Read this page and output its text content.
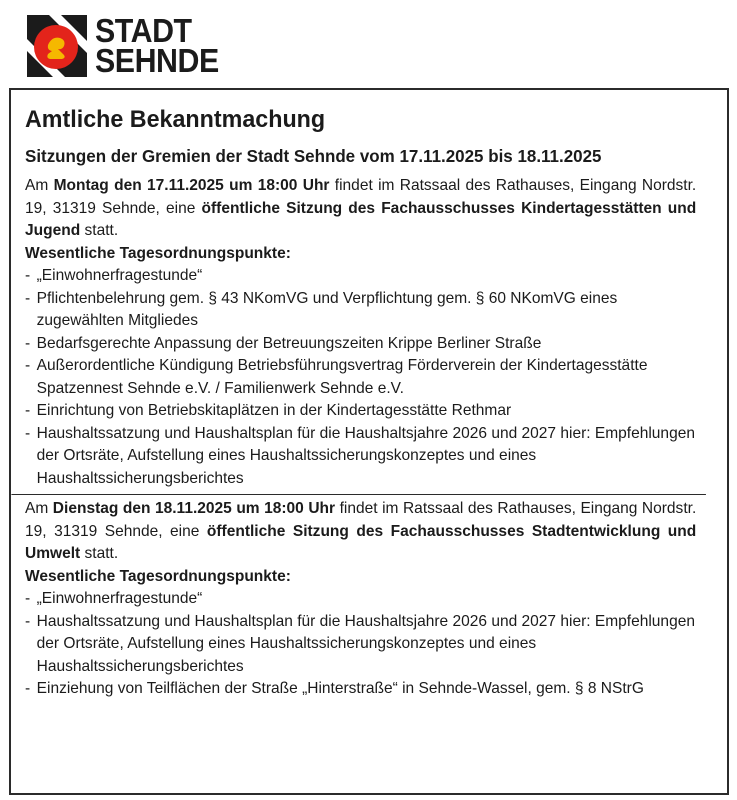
STADT
SEHNDE
Amtliche Bekanntmachung
Sitzungen der Gremien der Stadt Sehnde vom 17.11.2025 bis 18.11.2025

Am Montag den 17.11.2025 um 18:00 Uhr findet im Ratssaal des Rathauses, Eingang Nordstr. 19, 31319 Sehnde, eine öffentliche Sitzung des Fachausschusses Kindertagesstätten und Jugend statt.

Wesentliche Tagesordnungspunkte:
- „Einwohnerfragestunde“
- Pflichtenbelehrung gem. § 43 NKomVG und Verpflichtung gem. § 60 NKomVG eines zugewählten Mitgliedes
- Bedarfsgerechte Anpassung der Betreuungszeiten Krippe Berliner Straße
- Außerordentliche Kündigung Betriebsführungsvertrag Förderverein der Kindertagesstätte Spatzennest Sehnde e.V. / Familienwerk Sehnde e.V.
- Einrichtung von Betriebskitaplätzen in der Kindertagesstätte Rethmar
- Haushaltssatzung und Haushaltsplan für die Haushaltsjahre 2026 und 2027 hier: Empfehlungen der Ortsräte, Aufstellung eines Haushaltssicherungskonzeptes und eines Haushaltssicherungsberichtes

Am Dienstag den 18.11.2025 um 18:00 Uhr findet im Ratssaal des Rathauses, Eingang Nordstr. 19, 31319 Sehnde, eine öffentliche Sitzung des Fachausschusses Stadtentwicklung und Umwelt statt.

Wesentliche Tagesordnungspunkte:
- „Einwohnerfragestunde“
- Haushaltssatzung und Haushaltsplan für die Haushaltsjahre 2026 und 2027 hier: Empfehlungen der Ortsräte, Aufstellung eines Haushaltssicherungskonzeptes und eines Haushaltssicherungsberichtes
- Einziehung von Teilflächen der Straße „Hinterstraße“ in Sehnde-Wassel, gem. § 8 NStrG
